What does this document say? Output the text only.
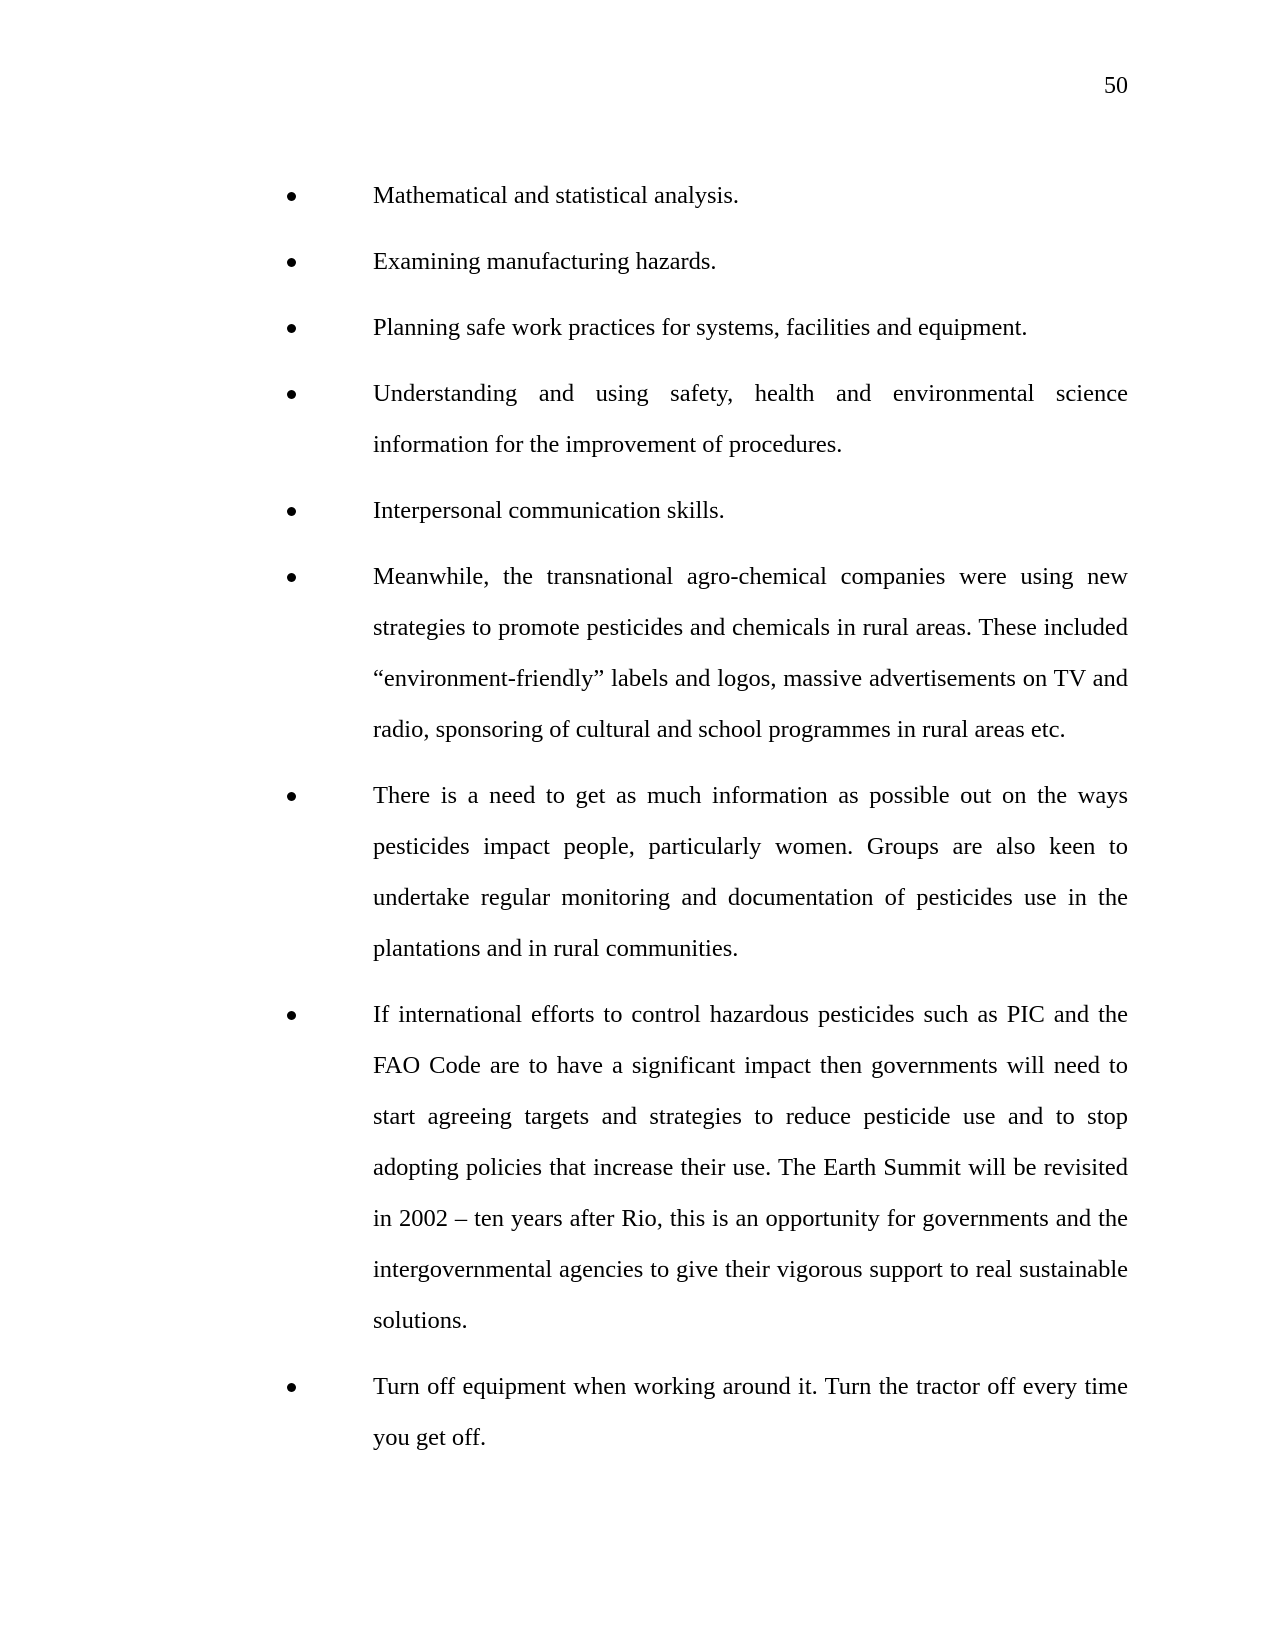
50
Mathematical and statistical analysis.
Examining manufacturing hazards.
Planning safe work practices for systems, facilities and equipment.
Understanding and using safety, health and environmental science information for the improvement of procedures.
Interpersonal communication skills.
Meanwhile, the transnational agro-chemical companies were using new strategies to promote pesticides and chemicals in rural areas. These included “environment-friendly” labels and logos, massive advertisements on TV and radio, sponsoring of cultural and school programmes in rural areas etc.
There is a need to get as much information as possible out on the ways pesticides impact people, particularly women. Groups are also keen to undertake regular monitoring and documentation of pesticides use in the plantations and in rural communities.
If international efforts to control hazardous pesticides such as PIC and the FAO Code are to have a significant impact then governments will need to start agreeing targets and strategies to reduce pesticide use and to stop adopting policies that increase their use. The Earth Summit will be revisited in 2002 – ten years after Rio, this is an opportunity for governments and the intergovernmental agencies to give their vigorous support to real sustainable solutions.
Turn off equipment when working around it. Turn the tractor off every time you get off.
